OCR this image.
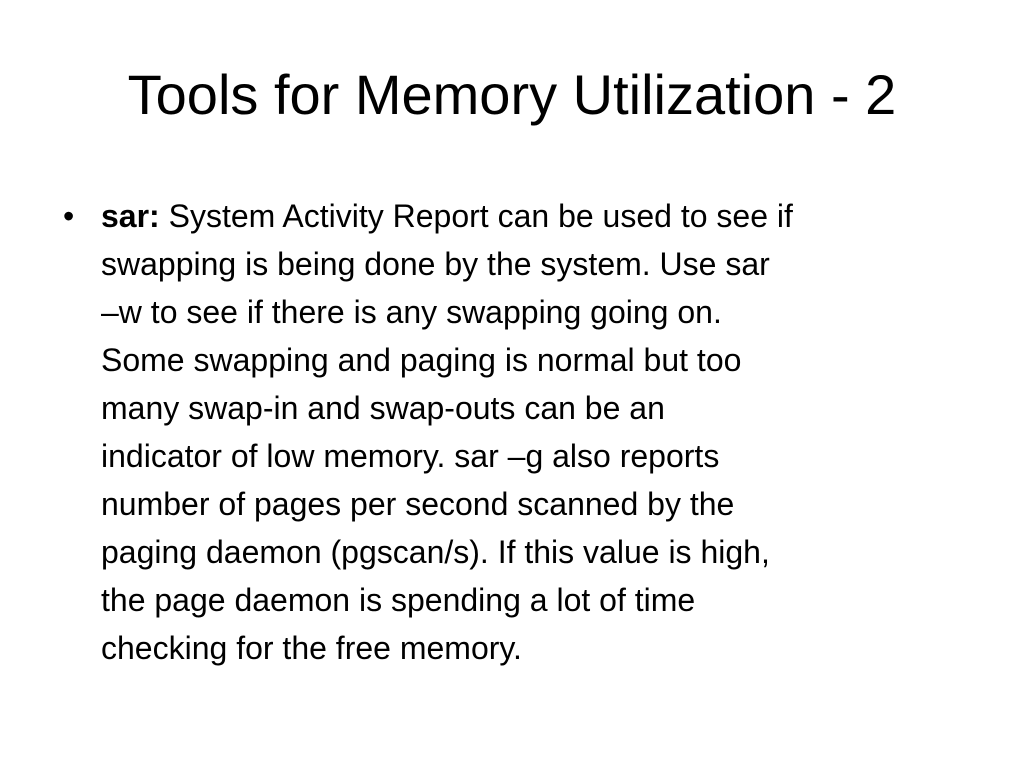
Tools for Memory Utilization - 2
• sar: System Activity Report can be used to see if
swapping is being done by the system. Use sar
–w to see if there is any swapping going on.
Some swapping and paging is normal but too
many swap-in and swap-outs can be an
indicator of low memory. sar –g also reports
number of pages per second scanned by the
paging daemon (pgscan/s). If this value is high,
the page daemon is spending a lot of time
checking for the free memory.
